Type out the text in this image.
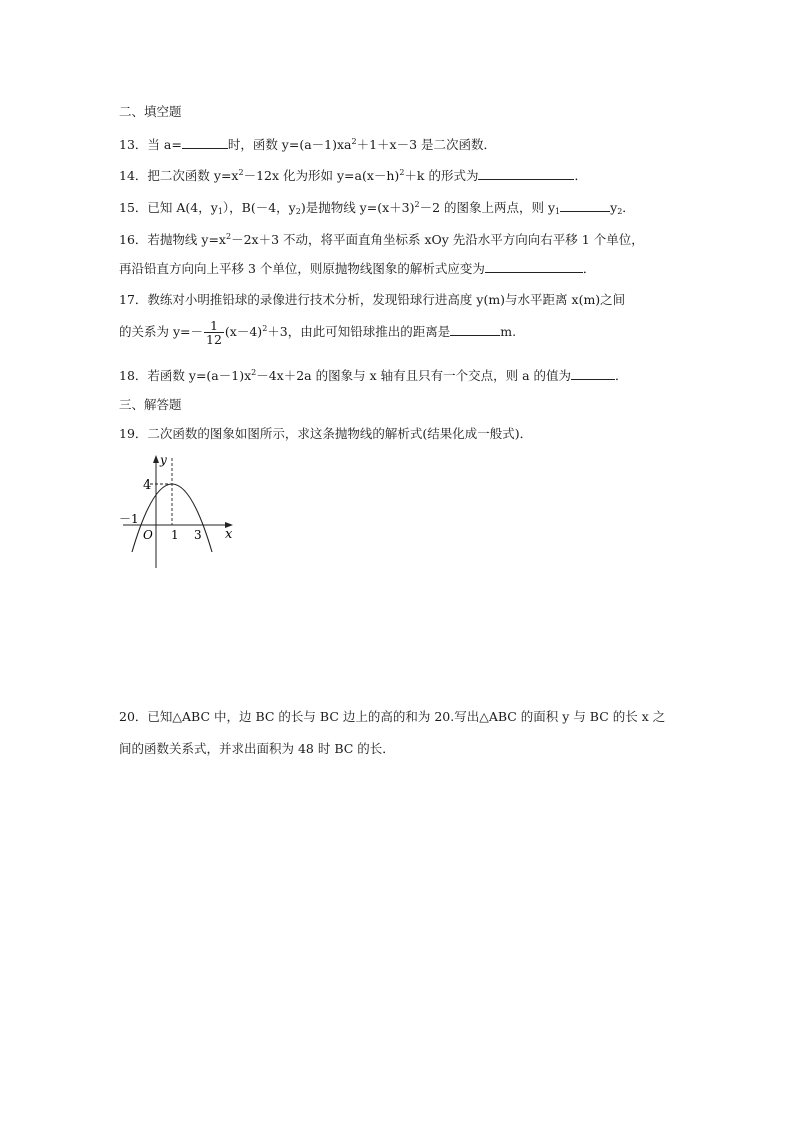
二、填空题
13．当 a=	时，函数 $y=(a-1)xa^2+1+x-3$ 是二次函数．
14．把二次函数 $y=x^2-12x$ 化为形如 $y=a(x-h)^2+k$ 的形式为	．
15．已知 A(4，$y_1$），B(－4，$y_2$)是抛物线 $y=(x+3)^2-2$ 的图象上两点，则 $y_1$	$y_2$．
16．若抛物线 $y=x^2-2x+3$ 不动，将平面直角坐标系 xOy 先沿水平方向向右平移 1 个单位，
再沿铅直方向向上平移 3 个单位，则原抛物线图象的解析式应变为	．
17．教练对小明推铅球的录像进行技术分析，发现铅球行进高度 y(m)与水平距离 x(m)之间
的关系为 $y=- \frac{1}{12} (x-4)^2+3$，由此可知铅球推出的距离是	m.
18．若函数 $y=(a-1)x^2-4x+2a$ 的图象与 x 轴有且只有一个交点，则 a 的值为	．
三、解答题
19．二次函数的图象如图所示，求这条抛物线的解析式(结果化成一般式)．
y
x
O
4
－1
1 3
20．已知△ABC 中，边 BC 的长与 BC 边上的高的和为 20.写出△ABC 的面积 y 与 BC 的长 x 之
间的函数关系式，并求出面积为 48 时 BC 的长．
